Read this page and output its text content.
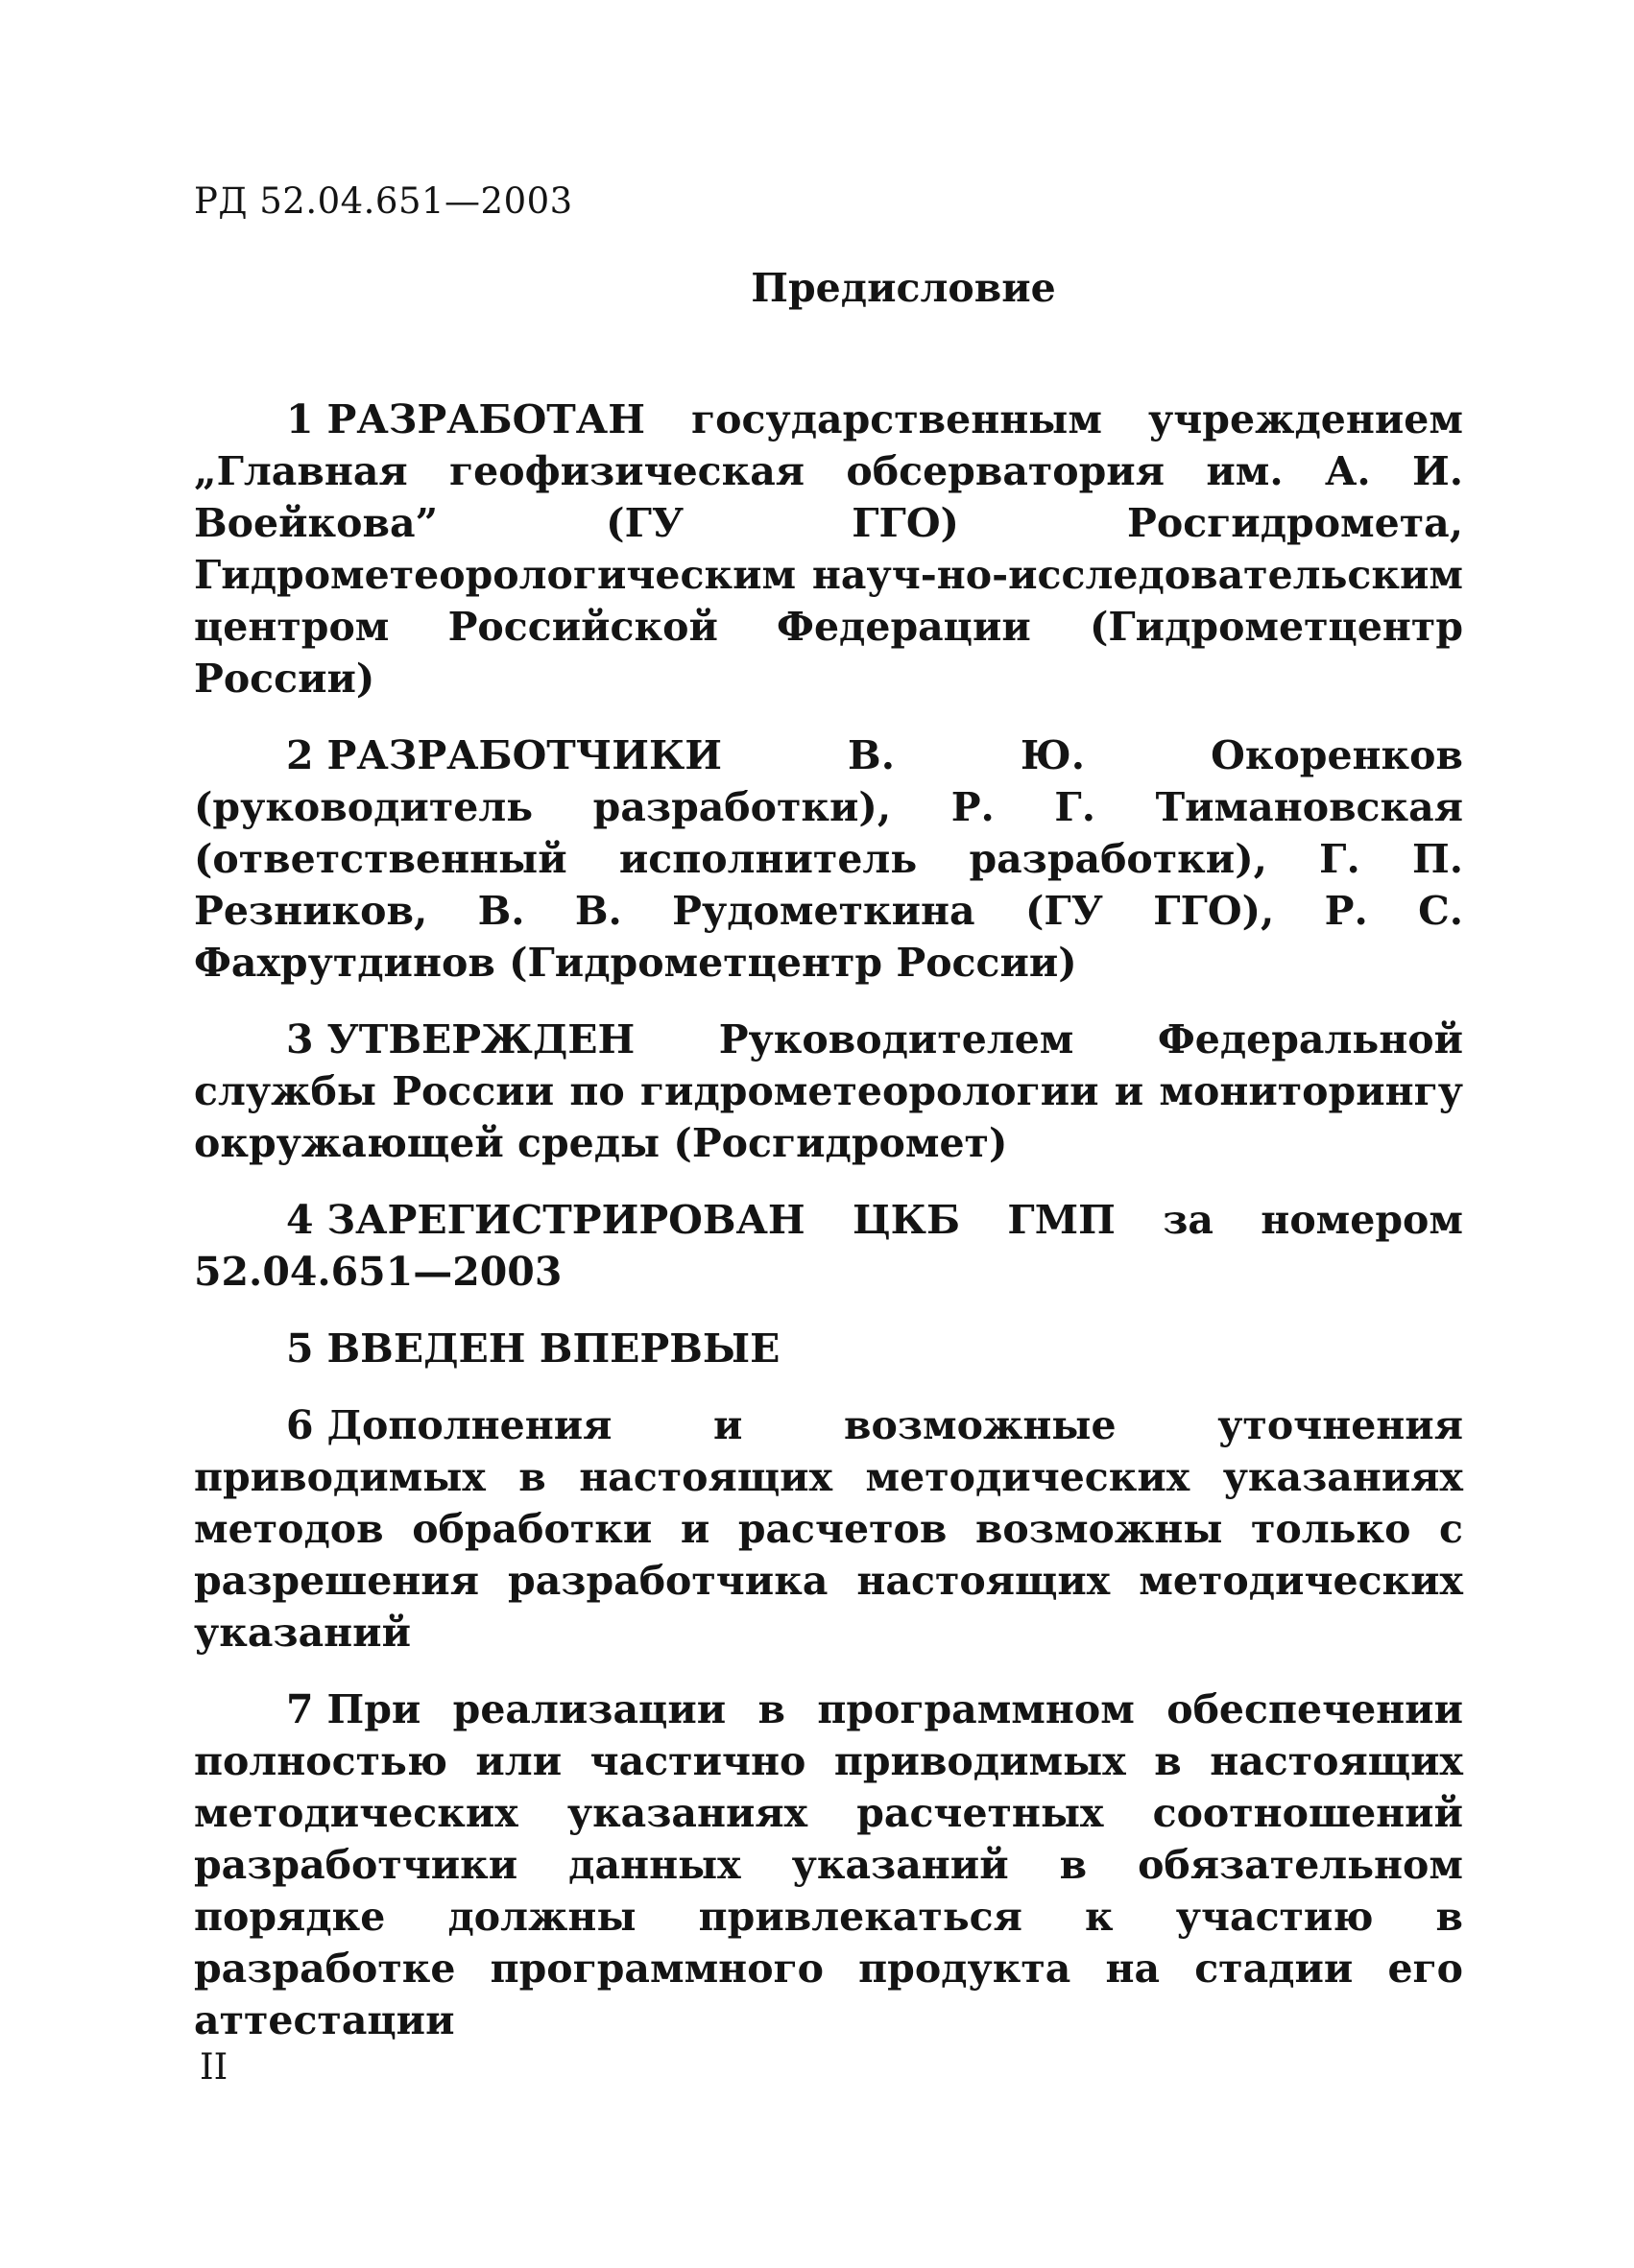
РД 52.04.651—2003
Предисловие

1 РАЗРАБОТАН государственным учреждением „Главная геофизическая обсерватория им. А. И. Воейкова” (ГУ ГГО) Росгидромета, Гидрометеорологическим науч-но-исследовательским центром Российской Федерации (Гидрометцентр России)

2 РАЗРАБОТЧИКИ В. Ю. Окоренков (руководитель разработки), Р. Г. Тимановская (ответственный исполнитель разработки), Г. П. Резников, В. В. Рудометкина (ГУ ГГО), Р. С. Фахрутдинов (Гидрометцентр России)

3 УТВЕРЖДЕН Руководителем Федеральной службы России по гидрометеорологии и мониторингу окружающей среды (Росгидромет)

4 ЗАРЕГИСТРИРОВАН ЦКБ ГМП за номером 52.04.651—2003

5 ВВЕДЕН ВПЕРВЫЕ

6 Дополнения и возможные уточнения приводимых в настоящих методических указаниях методов обработки и расчетов возможны только с разрешения разработчика настоящих методических указаний

7 При реализации в программном обеспечении полностью или частично приводимых в настоящих методических указаниях расчетных соотношений разработчики данных указаний в обязательном порядке должны привлекаться к участию в разработке программного продукта на стадии его аттестации

II
